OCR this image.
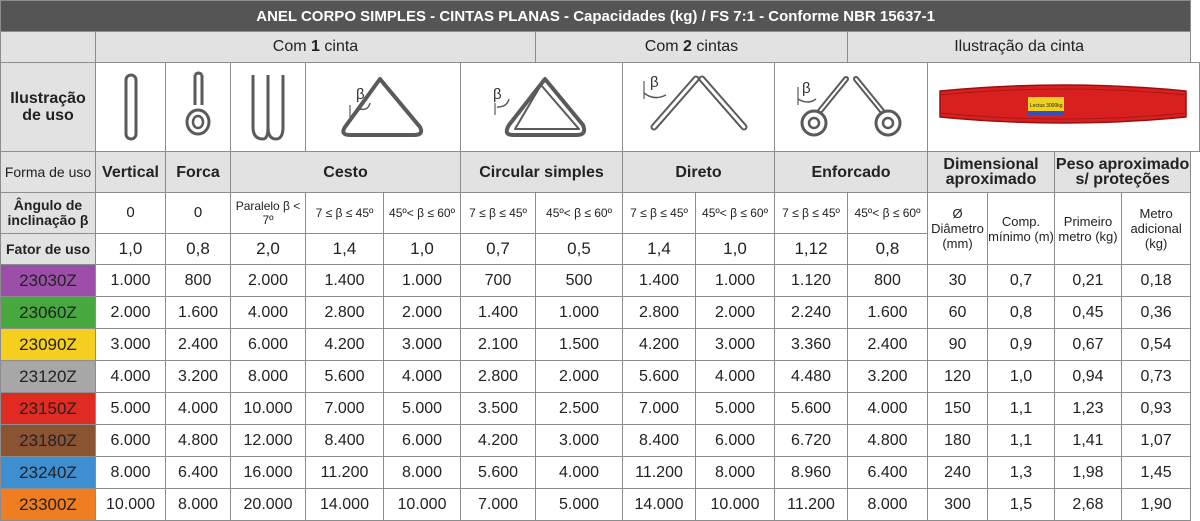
ANEL CORPO SIMPLES - CINTAS PLANAS - Capacidades (kg) / FS 7:1 - Conforme NBR 15637-1															
	Com 1 cinta						Com 2 cintas				Ilustração da cinta				
Ilustração de uso				β		β		β		β		Lectus 3000kg			

Forma de uso	Vertical	Forca	Cesto			Circular simples		Direto		Enforcado		Dimensional aproximado		Peso aproximado s/ proteções	
Ângulo de inclinação β	0	0	Paralelo β < 7º	7 ≤ β ≤ 45º	45º< β ≤ 60º	7 ≤ β ≤ 45º	45º< β ≤ 60º	7 ≤ β ≤ 45º	45º< β ≤ 60º	7 ≤ β ≤ 45º	45º< β ≤ 60º	Ø Diâmetro (mm)	Comp. mínimo (m)	Primeiro metro (kg)	Metro adicional (kg)
Fator de uso	1,0	0,8	2,0	1,4	1,0	0,7	0,5	1,4	1,0	1,12	0,8				
23030Z	1.000	800	2.000	1.400	1.000	700	500	1.400	1.000	1.120	800	30	0,7	0,21	0,18
23060Z	2.000	1.600	4.000	2.800	2.000	1.400	1.000	2.800	2.000	2.240	1.600	60	0,8	0,45	0,36
23090Z	3.000	2.400	6.000	4.200	3.000	2.100	1.500	4.200	3.000	3.360	2.400	90	0,9	0,67	0,54
23120Z	4.000	3.200	8.000	5.600	4.000	2.800	2.000	5.600	4.000	4.480	3.200	120	1,0	0,94	0,73
23150Z	5.000	4.000	10.000	7.000	5.000	3.500	2.500	7.000	5.000	5.600	4.000	150	1,1	1,23	0,93
23180Z	6.000	4.800	12.000	8.400	6.000	4.200	3.000	8.400	6.000	6.720	4.800	180	1,1	1,41	1,07
23240Z	8.000	6.400	16.000	11.200	8.000	5.600	4.000	11.200	8.000	8.960	6.400	240	1,3	1,98	1,45
23300Z	10.000	8.000	20.000	14.000	10.000	7.000	5.000	14.000	10.000	11.200	8.000	300	1,5	2,68	1,90
